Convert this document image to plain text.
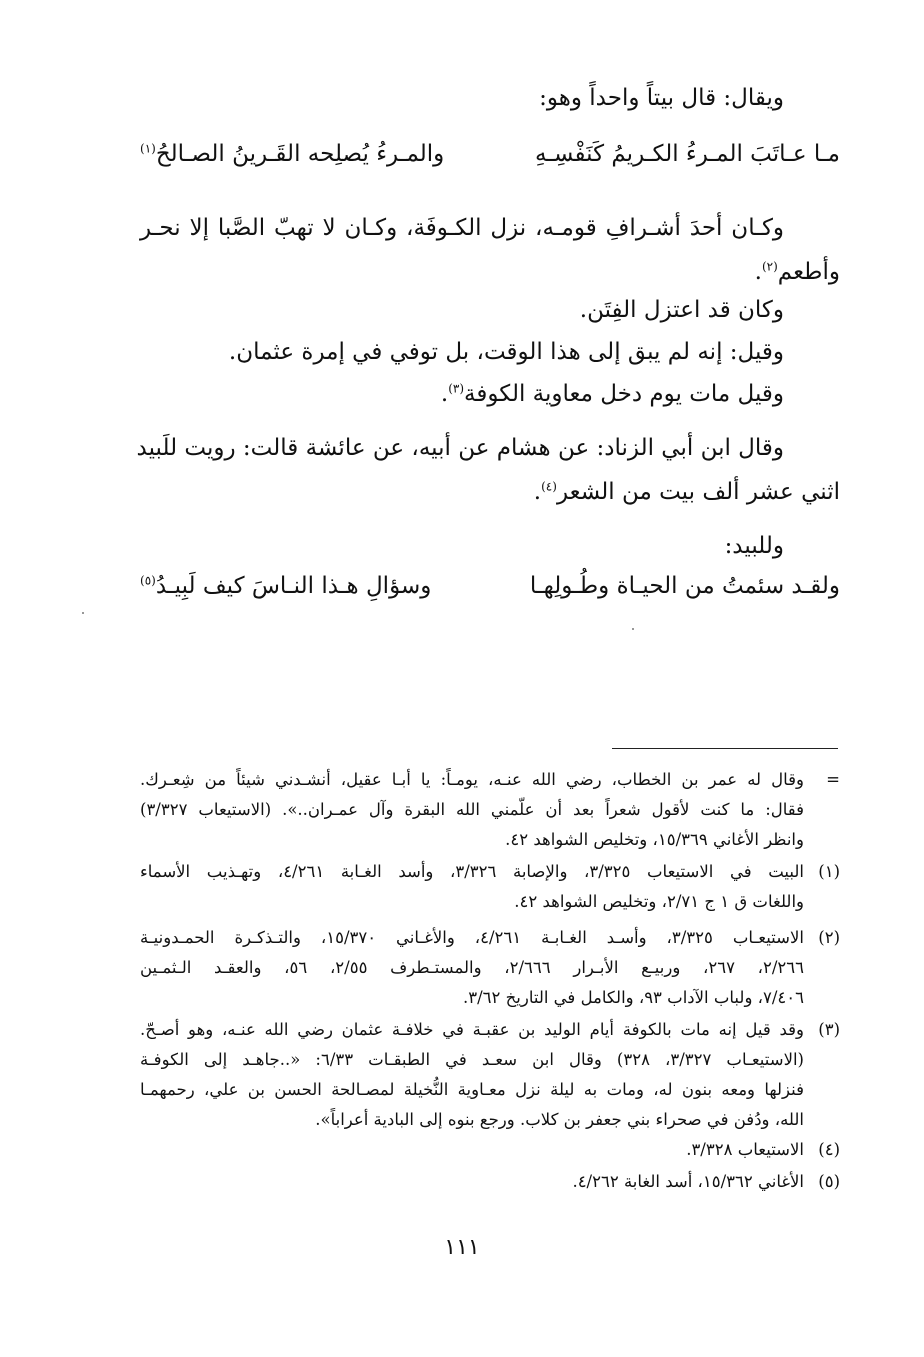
ويقال: قال بيتاً واحداً وهو:
مـا عـاتَبَ المـرءُ الكـريمُ كَنَفْسِـهِ
والمـرءُ يُصلِحه القَـرينُ الصـالحُ$^{(١)}$
وكـان أحدَ أشـرافِ قومـه، نزل الكـوفَة، وكـان لا تهبّ الصَّبا إلا نحـر
وأطعم$^{(٢)}$.
وكان قد اعتزل الفِتَن.
وقيل: إنه لم يبق إلى هذا الوقت، بل توفي في إمرة عثمان.
وقيل مات يوم دخل معاوية الكوفة$^{(٣)}$.
وقال ابن أبي الزناد: عن هشام عن أبيه، عن عائشة قالت: رويت للَبيد
اثني عشر ألف بيت من الشعر$^{(٤)}$.
وللبيد:
ولقـد سئمتُ من الحيـاة وطُـولِهـا
وسؤالِ هـذا النـاسَ كيف لَبِيـدُ$^{(٥)}$
=
وقال له عمر بن الخطاب، رضي الله عنـه، يومـاً: يا أبـا عقيل، أنشـدني شيئاً من شِعـرك.
فقال: ما كنت لأقول شعراً بعد أن علّمني الله البقرة وآل عمـران..». (الاستيعاب ٣/٣٢٧)
وانظر الأغاني ١٥/٣٦٩، وتخليص الشواهد ٤٢.
(١)
البيت في الاستيعاب ٣/٣٢٥، والإصابة ٣/٣٢٦، وأسد الغـابة ٤/٢٦١، وتهـذيب الأسماء
واللغات ق ١ ج ٢/٧١، وتخليص الشواهد ٤٢.
(٢)
الاستيعـاب ٣/٣٢٥، وأسـد الغـابـة ٤/٢٦١، والأغـاني ١٥/٣٧٠، والتـذكـرة الحمـدونيـة
٢/٢٦٦، ٢٦٧، وربيـع الأبـرار ٢/٦٦٦، والمستـطرف ٢/٥٥، ٥٦، والعقـد الـثمـين
٧/٤٠٦، ولباب الآداب ٩٣، والكامل في التاريخ ٣/٦٢.
(٣)
وقد قيل إنه مات بالكوفة أيام الوليد بن عقبـة في خلافـة عثمان رضي الله عنـه، وهو أصـحّ.
(الاستيعـاب ٣/٣٢٧، ٣٢٨) وقال ابن سعـد في الطبقـات ٦/٣٣: «..جاهـد إلى الكوفـة
فنزلها ومعه بنون له، ومات به ليلة نزل معـاوية النُّخيلة لمصـالحة الحسن بن علي، رحمهمـا
الله، ودُفن في صحراء بني جعفر بن كلاب. ورجع بنوه إلى البادية أعراباً».
(٤)
الاستيعاب ٣/٣٢٨.
(٥)
الأغاني ١٥/٣٦٢، أسد الغابة ٤/٢٦٢.
١١١
